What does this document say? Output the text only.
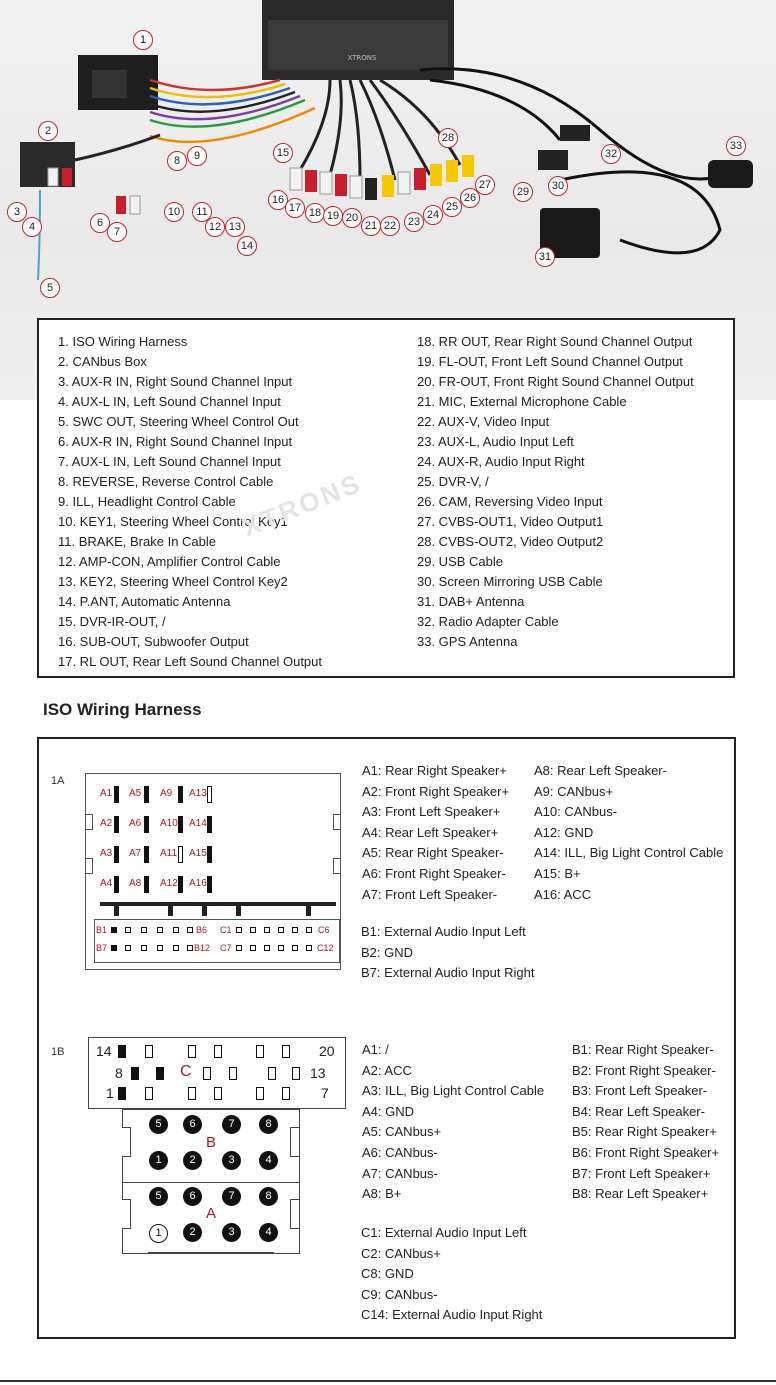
XTRONS
1
2
3
4
5
6
7
8	9
10	11
12 13
14
15
16
17 18 19 20
21 22	23
24
25
26
27
28
29	30
31
32
33
1. ISO Wiring Harness
2. CANbus Box
3. AUX-R IN, Right Sound Channel Input
4. AUX-L IN, Left Sound Channel Input
5. SWC OUT, Steering Wheel Control Out
6. AUX-R IN, Right Sound Channel Input
7. AUX-L IN, Left Sound Channel Input
8. REVERSE, Reverse Control Cable
9. ILL, Headlight Control Cable
10. KEY1, Steering Wheel Control Key1
11. BRAKE, Brake In Cable
12. AMP-CON, Amplifier Control Cable
13. KEY2, Steering Wheel Control Key2
14. P.ANT, Automatic Antenna
15. DVR-IR-OUT, /
16. SUB-OUT, Subwoofer Output
17. RL OUT, Rear Left Sound Channel Output
18. RR OUT, Rear Right Sound Channel Output
19. FL-OUT, Front Left Sound Channel Output
20. FR-OUT, Front Right Sound Channel Output
21. MIC, External Microphone Cable
22. AUX-V, Video Input
23. AUX-L, Audio Input Left
24. AUX-R, Audio Input Right
25. DVR-V, /
26. CAM, Reversing Video Input
27. CVBS-OUT1, Video Output1
28. CVBS-OUT2, Video Output2
29. USB Cable
30. Screen Mirroring USB Cable
31. DAB+ Antenna
32. Radio Adapter Cable
33. GPS Antenna
XTRONS
ISO Wiring Harness
1A
A1 A5 A9 A13
A2 A6 A10 A14
A3 A7 A11 A15
A4 A8 A12 A16
B1	B6 C1	C6
B7	B12 C7	C12
A1: Rear Right Speaker+
A2: Front Right Speaker+
A3: Front Left Speaker+
A4: Rear Left Speaker+
A5: Rear Right Speaker-
A6: Front Right Speaker-
A7: Front Left Speaker-
A8: Rear Left Speaker-
A9: CANbus+
A10: CANbus-
A12: GND
A14: ILL, Big Light Control Cable
A15: B+
A16: ACC
B1: External Audio Input Left
B2: GND
B7: External Audio Input Right
1B 14	20
8	C	13
1	7
5	6	7	8
B
1	2	3	4
5	6	7	8
A
1	2	3	4
A1: /
A2: ACC
A3: ILL, Big Light Control Cable
A4: GND
A5: CANbus+
A6: CANbus-
A7: CANbus-
A8: B+
B1: Rear Right Speaker-
B2: Front Right Speaker-
B3: Front Left Speaker-
B4: Rear Left Speaker-
B5: Rear Right Speaker+
B6: Front Right Speaker+
B7: Front Left Speaker+
B8: Rear Left Speaker+
C1: External Audio Input Left
C2: CANbus+
C8: GND
C9: CANbus-
C14: External Audio Input Right
